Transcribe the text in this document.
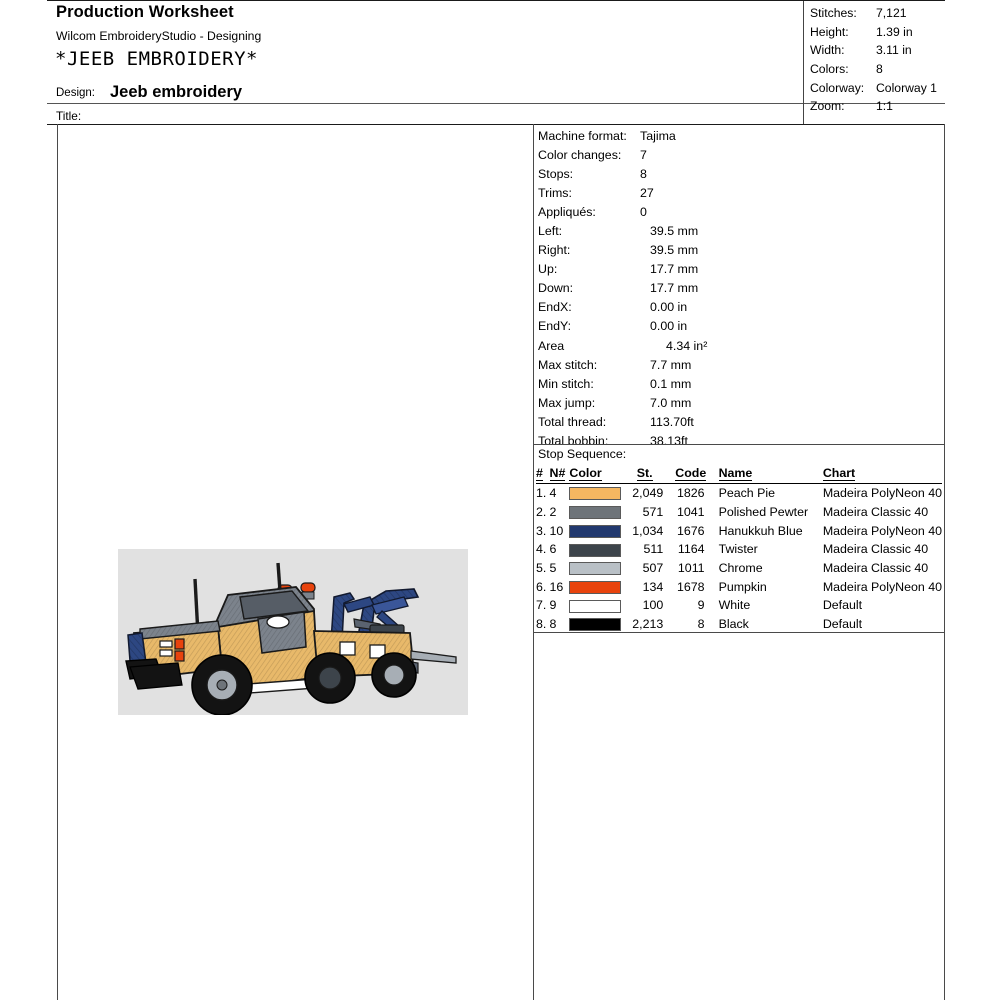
Production Worksheet
Wilcom EmbroideryStudio - Designing
*JEEB EMBROIDERY*
Design: Jeeb embroidery
Title:
Stitches: 7,121
Height: 1.39 in
Width:	3.11 in
Colors: 8
Colorway: Colorway 1
Zoom:	1:1
Machine format: Tajima
Color changes: 7
Stops:	8
Trims:	27
Appliqués:	0
Left:	39.5 mm
Right:	39.5 mm
Up:	17.7 mm
Down:	17.7 mm
EndX:	0.00 in
EndY:	0.00 in
Area	4.34 in²
Max stitch:	7.7 mm
Min stitch:	0.1 mm
Max jump:	7.0 mm
Total thread:	113.70ft
Total bobbin:	38.13ft
Stop Sequence:
#	N#	Color	St.	Code	Name	Chart
1.	4		2,049	1826	Peach Pie	Madeira PolyNeon 40
2.	2		571	1041	Polished Pewter	Madeira Classic 40
3.	10		1,034	1676	Hanukkuh Blue	Madeira PolyNeon 40
4.	6		511	1164	Twister	Madeira Classic 40
5.	5		507	1011	Chrome	Madeira Classic 40
6.	16		134	1678	Pumpkin	Madeira PolyNeon 40
7.	9		100	9	White	Default
8.	8		2,213	8	Black	Default
